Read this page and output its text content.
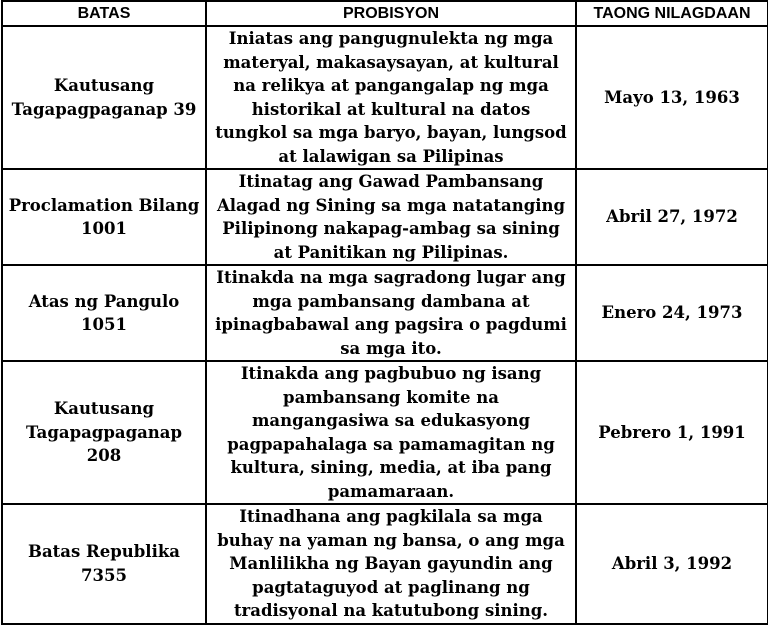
BATAS	PROBISYON	TAONG NILAGDAAN
Kautusang Tagapagpaganap 39	Iniatas ang pangugnulekta ng mga materyal, makasaysayan, at kultural na relikya at pangangalap ng mga historikal at kultural na datos tungkol sa mga baryo, bayan, lungsod at lalawigan sa Pilipinas	Mayo 13, 1963
Proclamation Bilang 1001	Itinatag ang Gawad Pambansang Alagad ng Sining sa mga natatanging Pilipinong nakapag-ambag sa sining at Panitikan ng Pilipinas.	Abril 27, 1972
Atas ng Pangulo 1051	Itinakda na mga sagradong lugar ang mga pambansang dambana at ipinagbabawal ang pagsira o pagdumi sa mga ito.	Enero 24, 1973
Kautusang Tagapagpaganap 208	Itinakda ang pagbubuo ng isang pambansang komite na mangangasiwa sa edukasyong pagpapahalaga sa pamamagitan ng kultura, sining, media, at iba pang pamamaraan.	Pebrero 1, 1991
Batas Republika 7355	Itinadhana ang pagkilala sa mga buhay na yaman ng bansa, o ang mga Manlilikha ng Bayan gayundin ang pagtataguyod at paglinang ng tradisyonal na katutubong sining.	Abril 3, 1992
